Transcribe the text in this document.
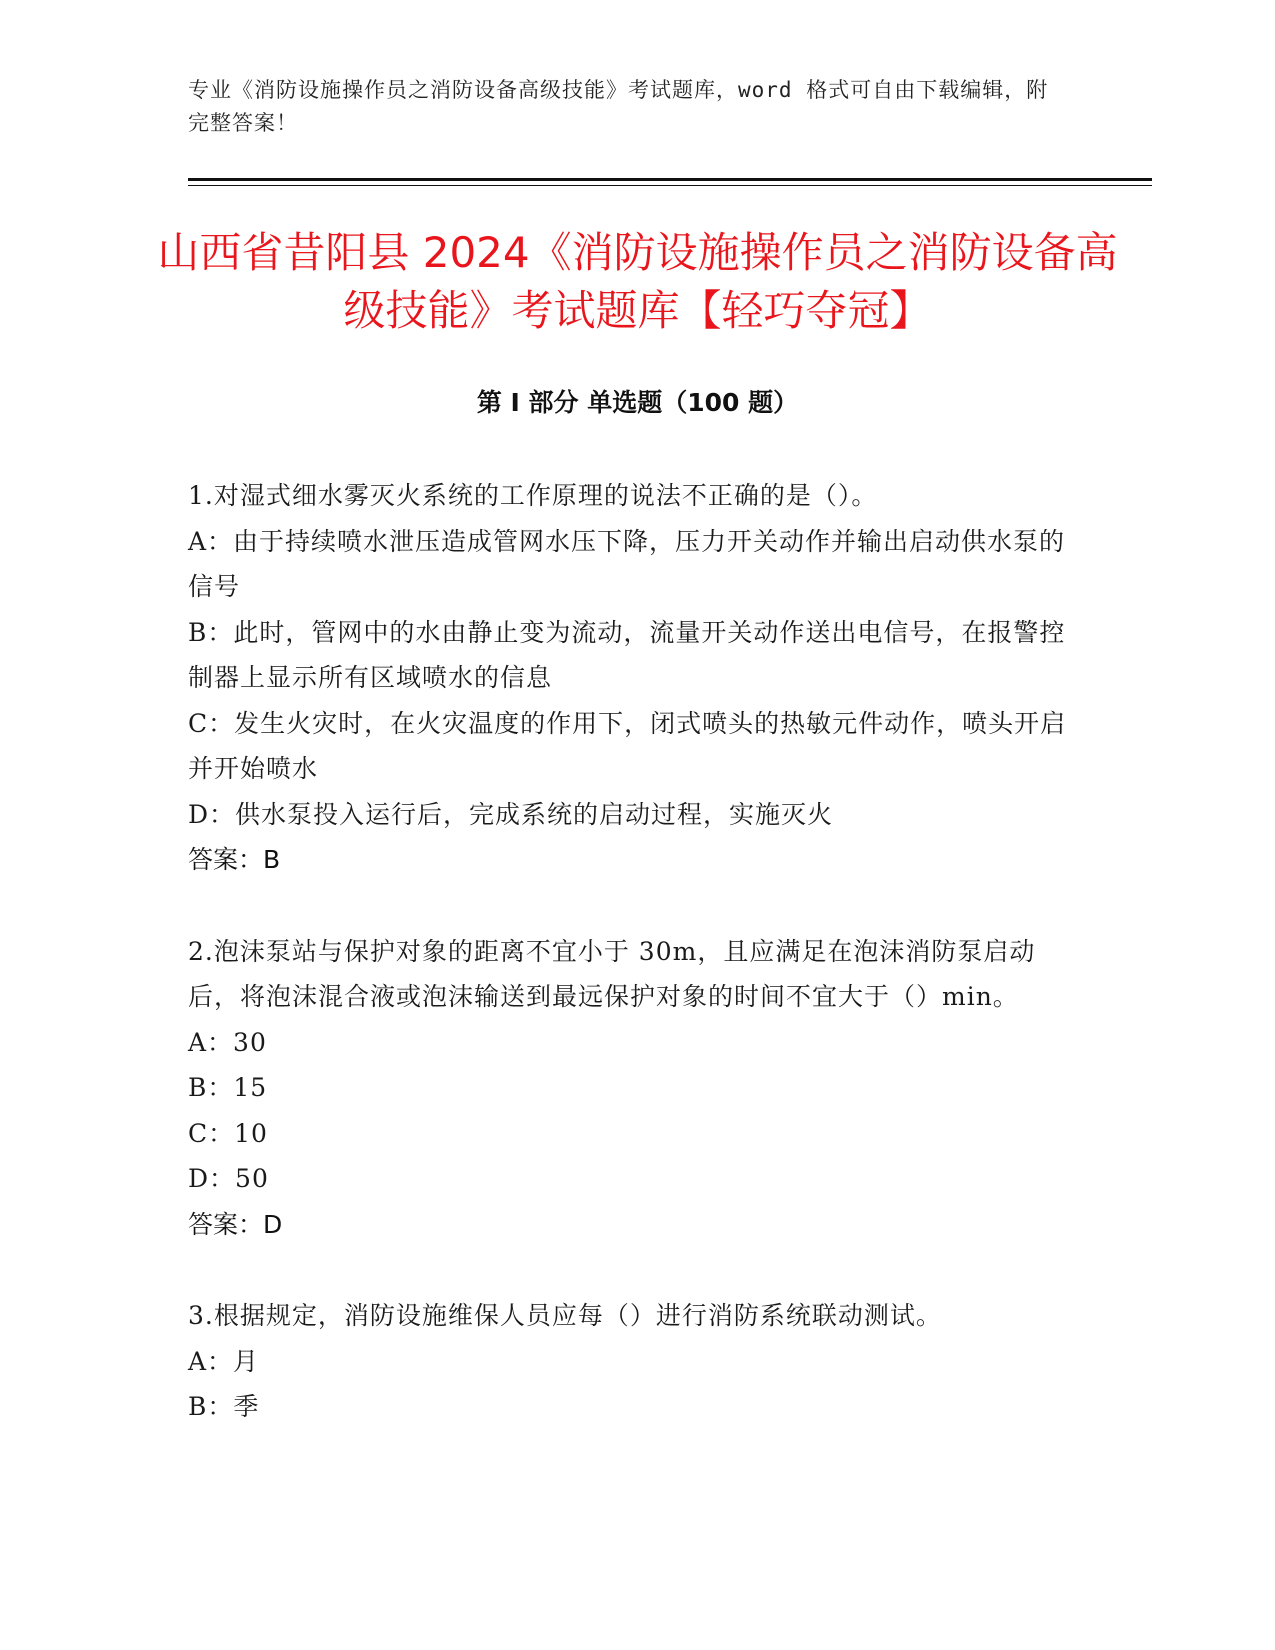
专业《消防设施操作员之消防设备高级技能》考试题库，word 格式可自由下载编辑，附完整答案！
山西省昔阳县 2024《消防设施操作员之消防设备高级技能》考试题库【轻巧夺冠】
第 I 部分 单选题（100 题）

1.对湿式细水雾灭火系统的工作原理的说法不正确的是（）。

A：由于持续喷水泄压造成管网水压下降，压力开关动作并输出启动供水泵的信号

B：此时，管网中的水由静止变为流动，流量开关动作送出电信号，在报警控制器上显示所有区域喷水的信息

C：发生火灾时，在火灾温度的作用下，闭式喷头的热敏元件动作，喷头开启并开始喷水

D：供水泵投入运行后，完成系统的启动过程，实施灭火

答案：B

2.泡沫泵站与保护对象的距离不宜小于 30m，且应满足在泡沫消防泵启动后，将泡沫混合液或泡沫输送到最远保护对象的时间不宜大于（）min。

A：30

B：15

C：10

D：50

答案：D

3.根据规定，消防设施维保人员应每（）进行消防系统联动测试。

A：月

B：季
